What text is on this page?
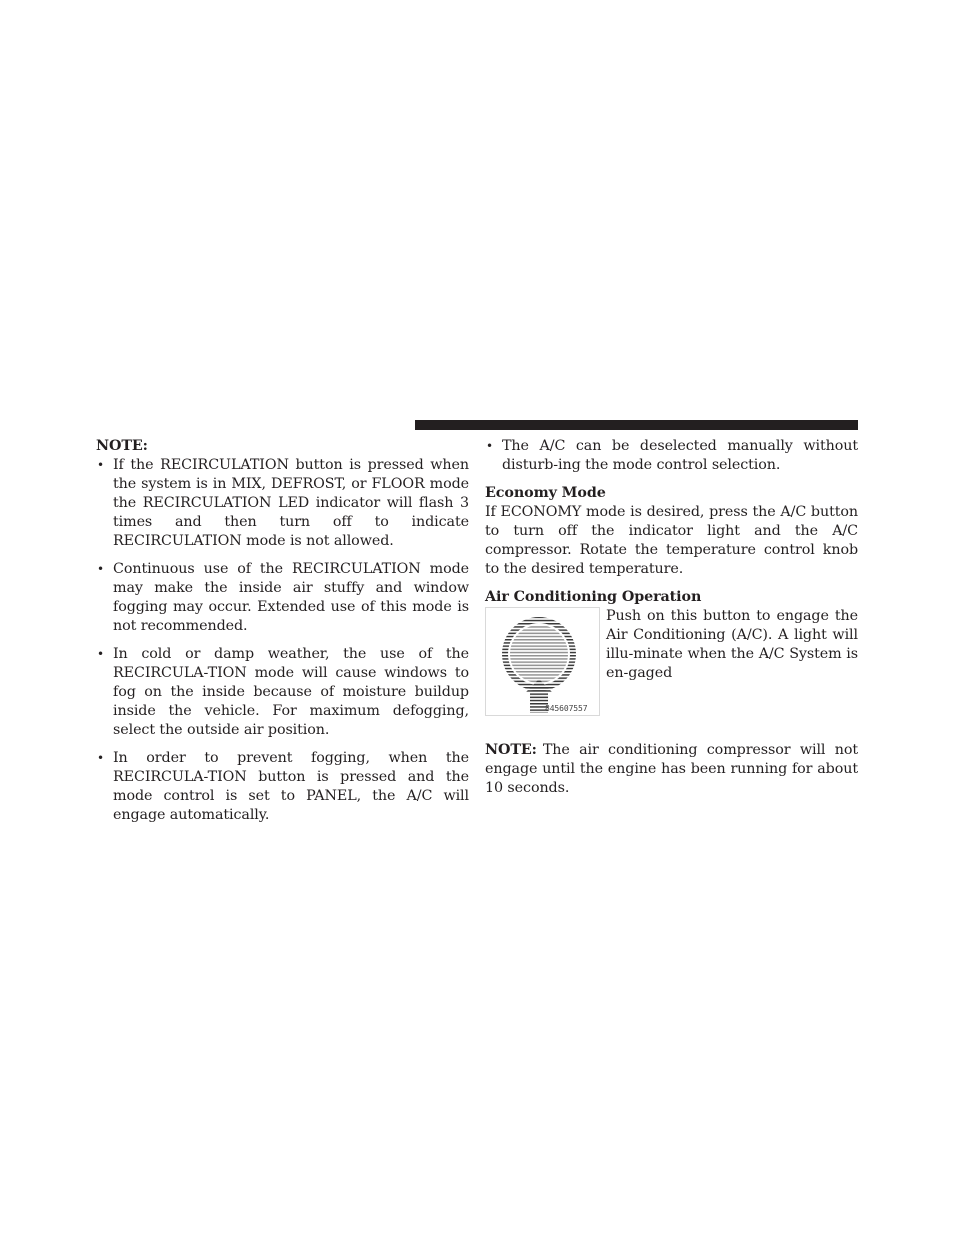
NOTE:

• If the RECIRCULATION button is pressed when the system is in MIX, DEFROST, or FLOOR mode the RECIRCULATION LED indicator will flash 3 times and then turn off to indicate RECIRCULATION mode is not allowed.
• Continuous use of the RECIRCULATION mode may make the inside air stuffy and window fogging may occur. Extended use of this mode is not recommended.
• In cold or damp weather, the use of the RECIRCULA-TION mode will cause windows to fog on the inside because of moisture buildup inside the vehicle. For maximum defogging, select the outside air position.
• In order to prevent fogging, when the RECIRCULA-TION button is pressed and the mode control is set to PANEL, the A/C will engage automatically.
• The A/C can be deselected manually without disturb-ing the mode control selection.

Economy Mode

If ECONOMY mode is desired, press the A/C button to turn off the indicator light and the A/C compressor. Rotate the temperature control knob to the desired temperature.

Air Conditioning Operation

845607557
Push on this button to engage the Air Conditioning (A/C). A light will illu-minate when the A/C System is en-gaged

NOTE: The air conditioning compressor will not engage until the engine has been running for about 10 seconds.
